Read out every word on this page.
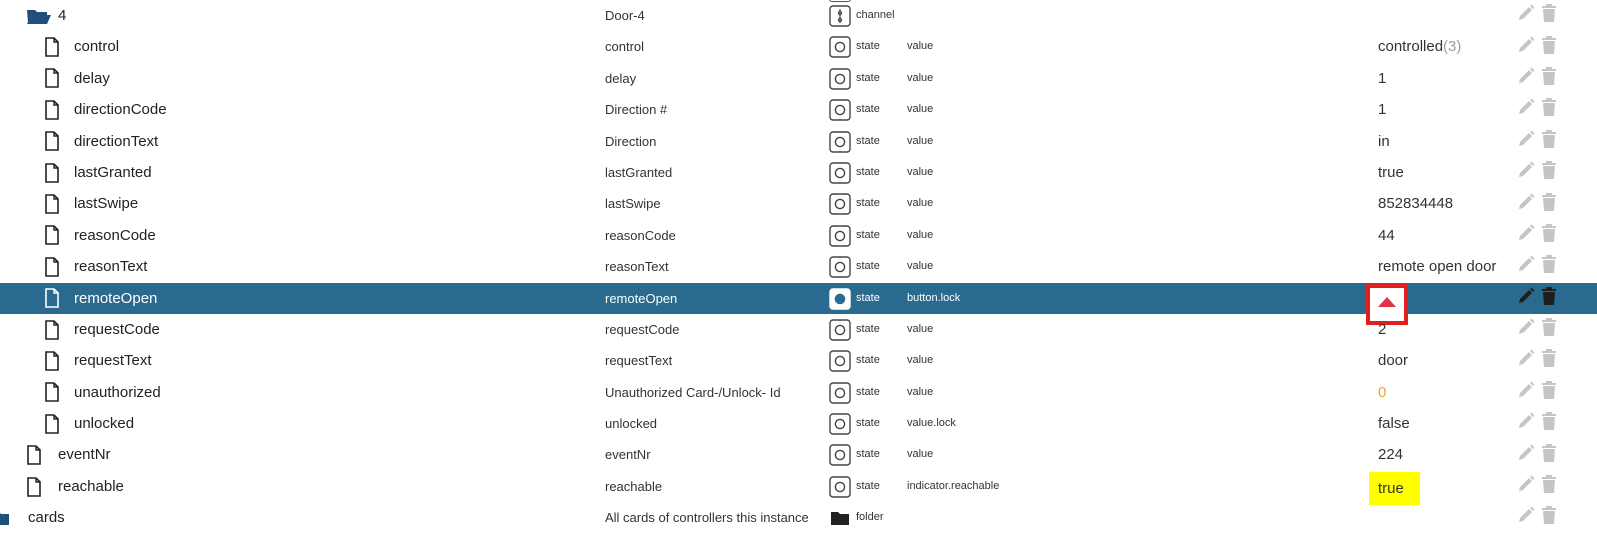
4	Door-4	channel
control	control	state value	controlled(3)
delay	delay	state value	1
directionCode	Direction #	state value	1
directionText	Direction	state value	in
lastGranted	lastGranted	state value	true
lastSwipe	lastSwipe	state value	852834448
reasonCode	reasonCode	state value	44
reasonText	reasonText	state value	remote open door
remoteOpen	remoteOpen	state button.lock
requestCode	requestCode	state value	2
requestText	requestText	state value	door
unauthorized	Unauthorized Card-/Unlock- Id	state value	0
unlocked	unlocked	state value.lock	false
eventNr	eventNr	state value	224
reachable	reachable	state indicator.reachable	true
cards	All cards of controllers this instance	folder
